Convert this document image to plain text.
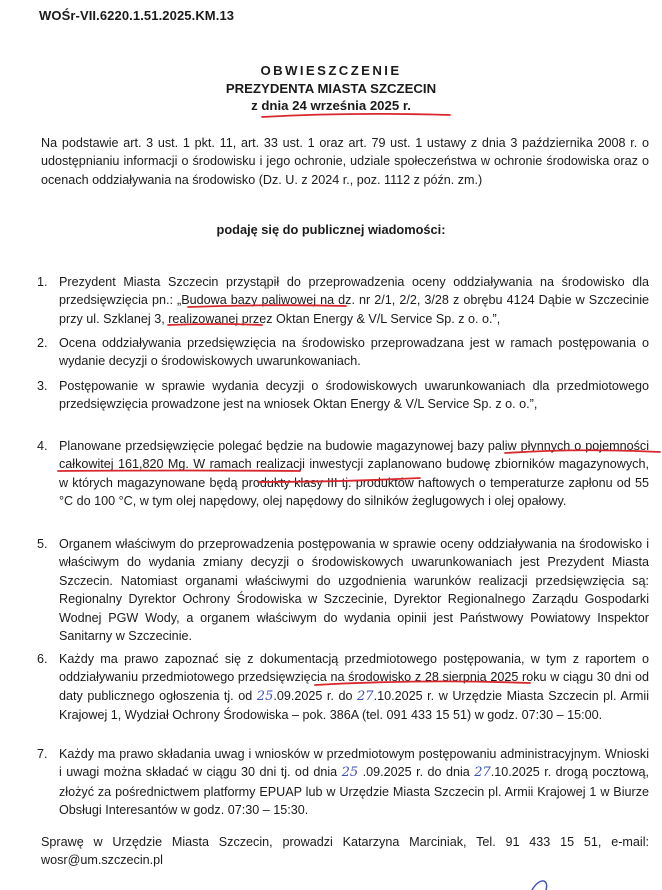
WOŚr-VII.6220.1.51.2025.KM.13
OBWIESZCZENIE
PREZYDENTA MIASTA SZCZECIN
z dnia 24 września 2025 r.
Na podstawie art. 3 ust. 1 pkt. 11, art. 33 ust. 1 oraz art. 79 ust. 1 ustawy z dnia 3 października 2008 r. o udostępnianiu informacji o środowisku i jego ochronie, udziale społeczeństwa w ochronie środowiska oraz o ocenach oddziaływania na środowisko (Dz. U. z 2024 r., poz. 1112 z późn. zm.)
podaję się do publicznej wiadomości:
1. Prezydent Miasta Szczecin przystąpił do przeprowadzenia oceny oddziaływania na środowisko dla przedsięwzięcia pn.: „Budowa bazy paliwowej na dz. nr 2/1, 2/2, 3/28 z obrębu 4124 Dąbie w Szczecinie przy ul. Szklanej 3, realizowanej przez Oktan Energy & V/L Service Sp. z o. o.”,
2. Ocena oddziaływania przedsięwzięcia na środowisko przeprowadzana jest w ramach postępowania o wydanie decyzji o środowiskowych uwarunkowaniach.
3. Postępowanie w sprawie wydania decyzji o środowiskowych uwarunkowaniach dla przedmiotowego przedsięwzięcia prowadzone jest na wniosek Oktan Energy & V/L Service Sp. z o. o.”,
4. Planowane przedsięwzięcie polegać będzie na budowie magazynowej bazy paliw płynnych o pojemności całkowitej 161,820 Mg. W ramach realizacji inwestycji zaplanowano budowę zbiorników magazynowych, w których magazynowane będą produkty klasy III tj. produktów naftowych o temperaturze zapłonu od 55 °C do 100 °C, w tym olej napędowy, olej napędowy do silników żeglugowych i olej opałowy.
5. Organem właściwym do przeprowadzenia postępowania w sprawie oceny oddziaływania na środowisko i właściwym do wydania zmiany decyzji o środowiskowych uwarunkowaniach jest Prezydent Miasta Szczecin. Natomiast organami właściwymi do uzgodnienia warunków realizacji przedsięwzięcia są: Regionalny Dyrektor Ochrony Środowiska w Szczecinie, Dyrektor Regionalnego Zarządu Gospodarki Wodnej PGW Wody, a organem właściwym do wydania opinii jest Państwowy Powiatowy Inspektor Sanitarny w Szczecinie.
6. Każdy ma prawo zapoznać się z dokumentacją przedmiotowego postępowania, w tym z raportem o oddziaływaniu przedmiotowego przedsięwzięcia na środowisko z 28 sierpnia 2025 roku w ciągu 30 dni od daty publicznego ogłoszenia tj. od 25.09.2025 r. do 27.10.2025 r. w Urzędzie Miasta Szczecin pl. Armii Krajowej 1, Wydział Ochrony Środowiska – pok. 386A (tel. 091 433 15 51) w godz. 07:30 – 15:00.
7. Każdy ma prawo składania uwag i wniosków w przedmiotowym postępowaniu administracyjnym. Wnioski i uwagi można składać w ciągu 30 dni tj. od dnia 25 .09.2025 r. do dnia 27.10.2025 r. drogą pocztową, złożyć za pośrednictwem platformy EPUAP lub w Urzędzie Miasta Szczecin pl. Armii Krajowej 1 w Biurze Obsługi Interesantów w godz. 07:30 – 15:30.
Sprawę w Urzędzie Miasta Szczecin, prowadzi Katarzyna Marciniak, Tel. 91 433 15 51, e-mail: wosr@um.szczecin.pl
